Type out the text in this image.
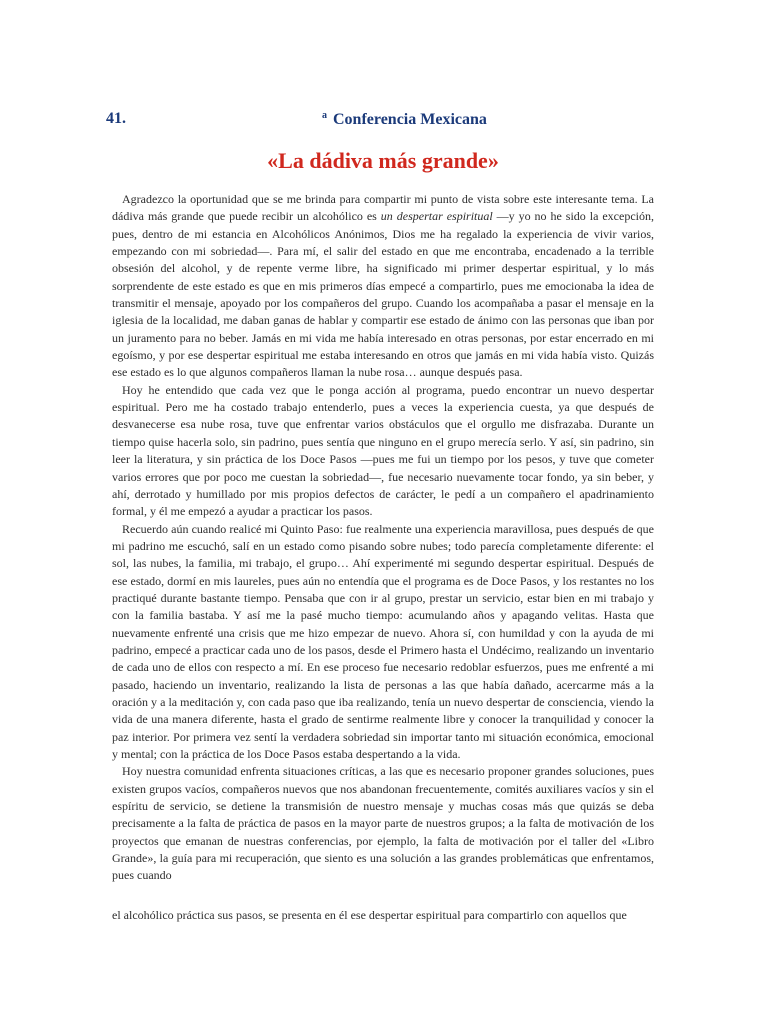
41.	$^a$ Conferencia Mexicana
«La dádiva más grande»

Agradezco la oportunidad que se me brinda para compartir mi punto de vista sobre este interesante tema. La dádiva más grande que puede recibir un alcohólico es un despertar espiritual —y yo no he sido la excepción, pues, dentro de mi estancia en Alcohólicos Anónimos, Dios me ha regalado la experiencia de vivir varios, empezando con mi sobriedad—. Para mí, el salir del estado en que me encontraba, encadenado a la terrible obsesión del alcohol, y de repente verme libre, ha significado mi primer despertar espiritual, y lo más sorprendente de este estado es que en mis primeros días empecé a compartirlo, pues me emocionaba la idea de transmitir el mensaje, apoyado por los compañeros del grupo. Cuando los acompañaba a pasar el mensaje en la iglesia de la localidad, me daban ganas de hablar y compartir ese estado de ánimo con las personas que iban por un juramento para no beber. Jamás en mi vida me había interesado en otras personas, por estar encerrado en mi egoísmo, y por ese despertar espiritual me estaba interesando en otros que jamás en mi vida había visto. Quizás ese estado es lo que algunos compañeros llaman la nube rosa… aunque después pasa.

Hoy he entendido que cada vez que le ponga acción al programa, puedo encontrar un nuevo despertar espiritual. Pero me ha costado trabajo entenderlo, pues a veces la experiencia cuesta, ya que después de desvanecerse esa nube rosa, tuve que enfrentar varios obstáculos que el orgullo me disfrazaba. Durante un tiempo quise hacerla solo, sin padrino, pues sentía que ninguno en el grupo merecía serlo. Y así, sin padrino, sin leer la literatura, y sin práctica de los Doce Pasos —pues me fui un tiempo por los pesos, y tuve que cometer varios errores que por poco me cuestan la sobriedad—, fue necesario nuevamente tocar fondo, ya sin beber, y ahí, derrotado y humillado por mis propios defectos de carácter, le pedí a un compañero el apadrinamiento formal, y él me empezó a ayudar a practicar los pasos.

Recuerdo aún cuando realicé mi Quinto Paso: fue realmente una experiencia maravillosa, pues después de que mi padrino me escuchó, salí en un estado como pisando sobre nubes; todo parecía completamente diferente: el sol, las nubes, la familia, mi trabajo, el grupo… Ahí experimenté mi segundo despertar espiritual. Después de ese estado, dormí en mis laureles, pues aún no entendía que el programa es de Doce Pasos, y los restantes no los practiqué durante bastante tiempo. Pensaba que con ir al grupo, prestar un servicio, estar bien en mi trabajo y con la familia bastaba. Y así me la pasé mucho tiempo: acumulando años y apagando velitas. Hasta que nuevamente enfrenté una crisis que me hizo empezar de nuevo. Ahora sí, con humildad y con la ayuda de mi padrino, empecé a practicar cada uno de los pasos, desde el Primero hasta el Undécimo, realizando un inventario de cada uno de ellos con respecto a mí. En ese proceso fue necesario redoblar esfuerzos, pues me enfrenté a mi pasado, haciendo un inventario, realizando la lista de personas a las que había dañado, acercarme más a la oración y a la meditación y, con cada paso que iba realizando, tenía un nuevo despertar de consciencia, viendo la vida de una manera diferente, hasta el grado de sentirme realmente libre y conocer la tranquilidad y conocer la paz interior. Por primera vez sentí la verdadera sobriedad sin importar tanto mi situación económica, emocional y mental; con la práctica de los Doce Pasos estaba despertando a la vida.

Hoy nuestra comunidad enfrenta situaciones críticas, a las que es necesario proponer grandes soluciones, pues existen grupos vacíos, compañeros nuevos que nos abandonan frecuentemente, comités auxiliares vacíos y sin el espíritu de servicio, se detiene la transmisión de nuestro mensaje y muchas cosas más que quizás se deba precisamente a la falta de práctica de pasos en la mayor parte de nuestros grupos; a la falta de motivación de los proyectos que emanan de nuestras conferencias, por ejemplo, la falta de motivación por el taller del «Libro Grande», la guía para mi recuperación, que siento es una solución a las grandes problemáticas que enfrentamos, pues cuando

el alcohólico práctica sus pasos, se presenta en él ese despertar espiritual para compartirlo con aquellos que
